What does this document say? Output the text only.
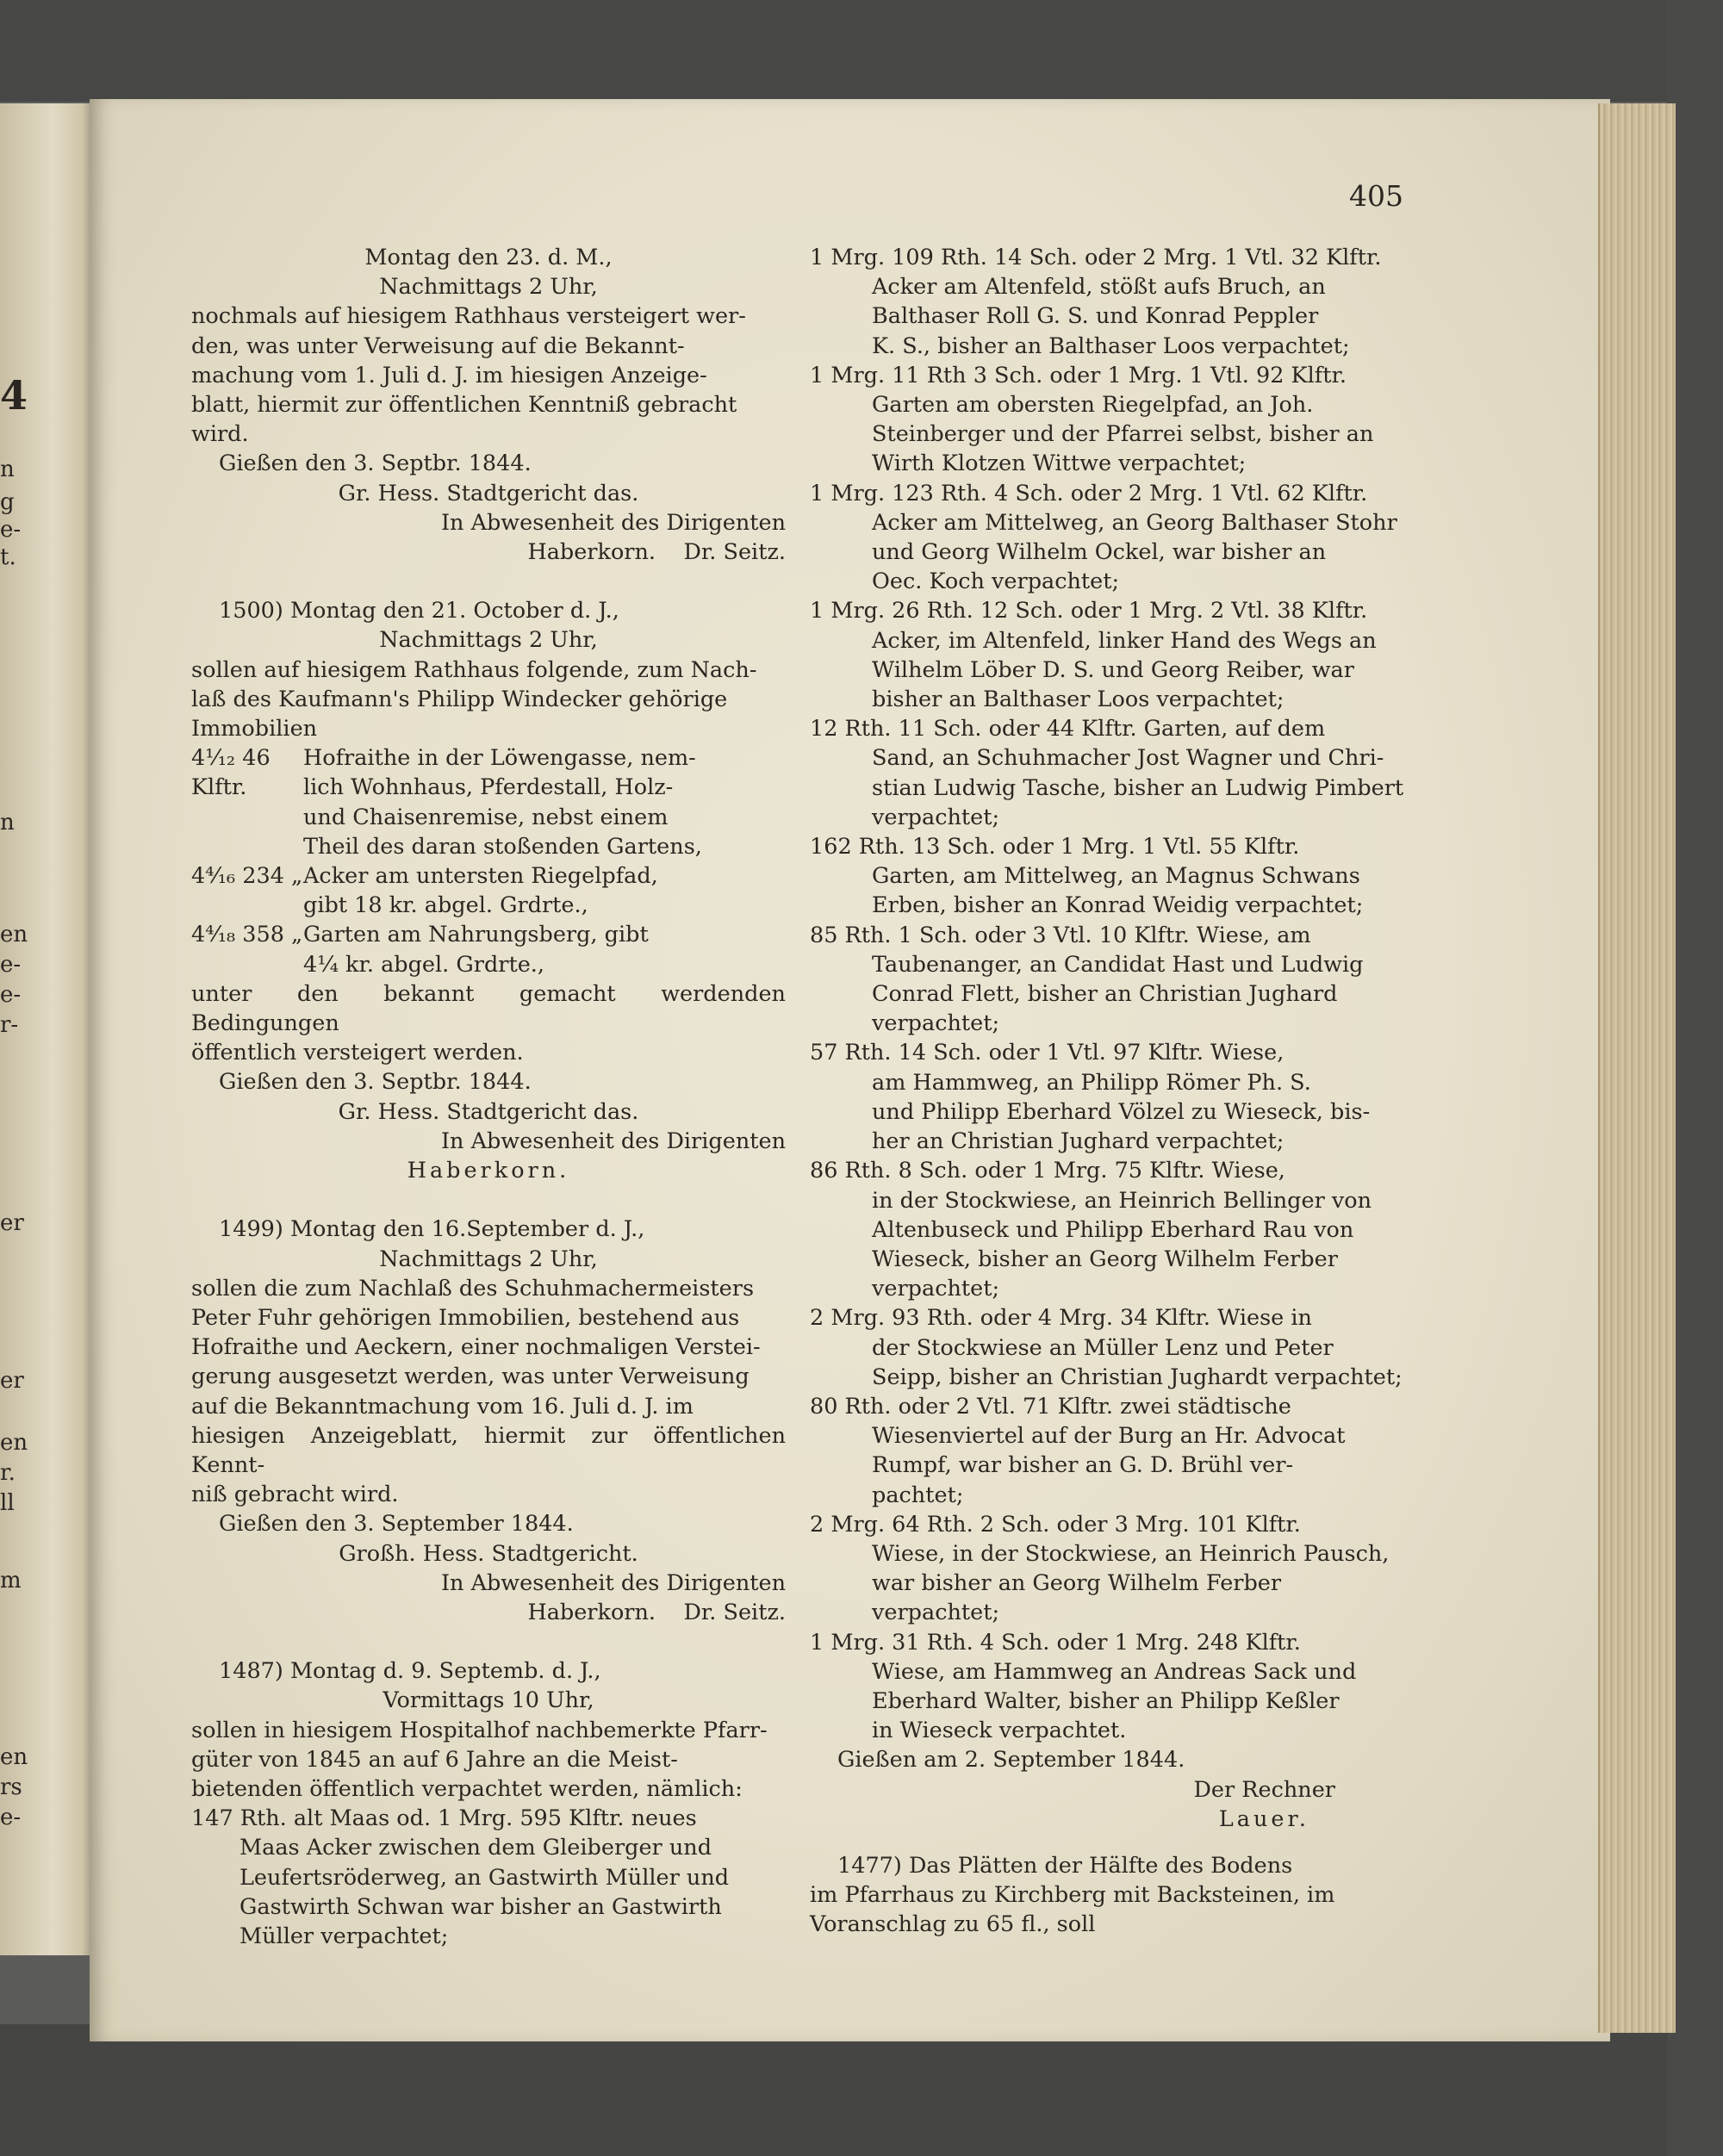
4
n
g
e-
t.
n
en
e-
e-
r-
er
er
en
r.
ll
m
en
rs
e-
405

Montag den 23. d. M.,

Nachmittags 2 Uhr,

nochmals auf hiesigem Rathhaus versteigert wer-

den, was unter Verweisung auf die Bekannt-

machung vom 1. Juli d. J. im hiesigen Anzeige-

blatt, hiermit zur öffentlichen Kenntniß gebracht

wird.

Gießen den 3. Septbr. 1844.

Gr. Hess. Stadtgericht das.

In Abwesenheit des Dirigenten

Haberkorn.    Dr. Seitz.

1500) Montag den 21. October d. J.,

Nachmittags 2 Uhr,

sollen auf hiesigem Rathhaus folgende, zum Nach-

laß des Kaufmann's Philipp Windecker gehörige

Immobilien

4¹⁄₁₂ 46 Klftr.

Hofraithe in der Löwengasse, nem-

lich Wohnhaus, Pferdestall, Holz-

und Chaisenremise, nebst einem

Theil des daran stoßenden Gartens,

4⁴⁄₁₆ 234 „ Acker am untersten Riegelpfad,

gibt 18 kr. abgel. Grdrte.,

4⁴⁄₁₈ 358 „ Garten am Nahrungsberg, gibt

4¹⁄₄ kr. abgel. Grdrte.,

unter den bekannt gemacht werdenden Bedingungen

öffentlich versteigert werden.

Gießen den 3. Septbr. 1844.

Gr. Hess. Stadtgericht das.

In Abwesenheit des Dirigenten

Haberkorn.

1499) Montag den 16.September d. J.,

Nachmittags 2 Uhr,

sollen die zum Nachlaß des Schuhmachermeisters

Peter Fuhr gehörigen Immobilien, bestehend aus

Hofraithe und Aeckern, einer nochmaligen Verstei-

gerung ausgesetzt werden, was unter Verweisung

auf die Bekanntmachung vom 16. Juli d. J. im

hiesigen Anzeigeblatt, hiermit zur öffentlichen Kennt-

niß gebracht wird.

Gießen den 3. September 1844.

Großh. Hess. Stadtgericht.

In Abwesenheit des Dirigenten

Haberkorn.    Dr. Seitz.

1487) Montag d. 9. Septemb. d. J.,

Vormittags 10 Uhr,

sollen in hiesigem Hospitalhof nachbemerkte Pfarr-

güter von 1845 an auf 6 Jahre an die Meist-

bietenden öffentlich verpachtet werden, nämlich:

147 Rth. alt Maas od. 1 Mrg. 595 Klftr. neues

Maas Acker zwischen dem Gleiberger und

Leufertsröderweg, an Gastwirth Müller und

Gastwirth Schwan war bisher an Gastwirth

Müller verpachtet;

1 Mrg. 109 Rth. 14 Sch. oder 2 Mrg. 1 Vtl. 32 Klftr.

Acker am Altenfeld, stößt aufs Bruch, an

Balthaser Roll G. S. und Konrad Peppler

K. S., bisher an Balthaser Loos verpachtet;

1 Mrg. 11 Rth 3 Sch. oder 1 Mrg. 1 Vtl. 92 Klftr.

Garten am obersten Riegelpfad, an Joh.

Steinberger und der Pfarrei selbst, bisher an

Wirth Klotzen Wittwe verpachtet;

1 Mrg. 123 Rth. 4 Sch. oder 2 Mrg. 1 Vtl. 62 Klftr.

Acker am Mittelweg, an Georg Balthaser Stohr

und Georg Wilhelm Ockel, war bisher an

Oec. Koch verpachtet;

1 Mrg. 26 Rth. 12 Sch. oder 1 Mrg. 2 Vtl. 38 Klftr.

Acker, im Altenfeld, linker Hand des Wegs an

Wilhelm Löber D. S. und Georg Reiber, war

bisher an Balthaser Loos verpachtet;

12 Rth. 11 Sch. oder 44 Klftr. Garten, auf dem

Sand, an Schuhmacher Jost Wagner und Chri-

stian Ludwig Tasche, bisher an Ludwig Pimbert

verpachtet;

162 Rth. 13 Sch. oder 1 Mrg. 1 Vtl. 55 Klftr.

Garten, am Mittelweg, an Magnus Schwans

Erben, bisher an Konrad Weidig verpachtet;

85 Rth. 1 Sch. oder 3 Vtl. 10 Klftr. Wiese, am

Taubenanger, an Candidat Hast und Ludwig

Conrad Flett, bisher an Christian Jughard

verpachtet;

57 Rth. 14 Sch. oder 1 Vtl. 97 Klftr. Wiese,

am Hammweg, an Philipp Römer Ph. S.

und Philipp Eberhard Völzel zu Wieseck, bis-

her an Christian Jughard verpachtet;

86 Rth. 8 Sch. oder 1 Mrg. 75 Klftr. Wiese,

in der Stockwiese, an Heinrich Bellinger von

Altenbuseck und Philipp Eberhard Rau von

Wieseck, bisher an Georg Wilhelm Ferber

verpachtet;

2 Mrg. 93 Rth. oder 4 Mrg. 34 Klftr. Wiese in

der Stockwiese an Müller Lenz und Peter

Seipp, bisher an Christian Jughardt verpachtet;

80 Rth. oder 2 Vtl. 71 Klftr. zwei städtische

Wiesenviertel auf der Burg an Hr. Advocat

Rumpf, war bisher an G. D. Brühl ver-

pachtet;

2 Mrg. 64 Rth. 2 Sch. oder 3 Mrg. 101 Klftr.

Wiese, in der Stockwiese, an Heinrich Pausch,

war bisher an Georg Wilhelm Ferber verpachtet;

1 Mrg. 31 Rth. 4 Sch. oder 1 Mrg. 248 Klftr.

Wiese, am Hammweg an Andreas Sack und

Eberhard Walter, bisher an Philipp Keßler

in Wieseck verpachtet.

Gießen am 2. September 1844.

Der Rechner

Lauer.

1477) Das Plätten der Hälfte des Bodens

im Pfarrhaus zu Kirchberg mit Backsteinen, im

Voranschlag zu 65 fl., soll
